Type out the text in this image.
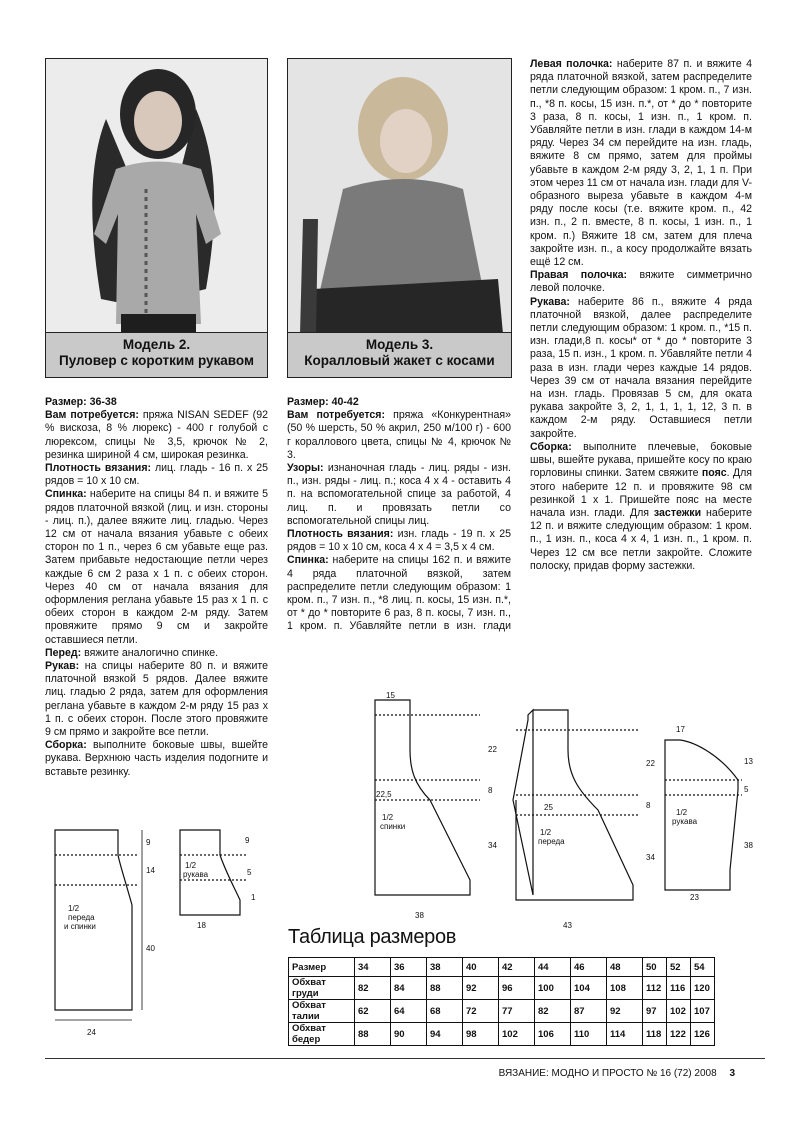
Модель 2.
Пуловер с коротким рукавом
Модель 3.
Коралловый жакет с косами

Размер: 36-38

Вам потребуется: пряжа NISAN SEDEF (92 % вискоза, 8 % люрекс) - 400 г голубой с люрексом, спицы № 3,5, крючок № 2, резинка шириной 4 см, широкая резинка.

Плотность вязания: лиц. гладь - 16 п. х 25 рядов = 10 х 10 см.

Спинка: наберите на спицы 84 п. и вяжите 5 рядов платочной вязкой (лиц. и изн. стороны - лиц. п.), далее вяжите лиц. гладью. Через 12 см от начала вязания убавьте с обеих сторон по 1 п., через 6 см убавьте еще раз. Затем прибавьте недостающие петли через каждые 6 см 2 раза х 1 п. с обеих сторон. Через 40 см от начала вязания для оформления реглана убавьте 15 раз х 1 п. с обеих сторон в каждом 2-м ряду. Затем провяжите прямо 9 см и закройте оставшиеся петли.

Перед: вяжите аналогично спинке.

Рукав: на спицы наберите 80 п. и вяжите платочной вязкой 5 рядов. Далее вяжите лиц. гладью 2 ряда, затем для оформления реглана убавьте в каждом 2-м ряду 15 раз х 1 п. с обеих сторон. После этого провяжите 9 см прямо и закройте все петли.

Сборка: выполните боковые швы, вшейте рукава. Верхнюю часть изделия подогните и вставьте резинку.

Размер: 40-42

Вам потребуется: пряжа «Конкурентная» (50 % шерсть, 50 % акрил, 250 м/100 г) - 600 г кораллового цвета, спицы № 4, крючок № 3.

Узоры: изнаночная гладь - лиц. ряды - изн. п., изн. ряды - лиц. п.; коса 4 х 4 - оставить 4 п. на вспомогательной спице за работой, 4 лиц. п. и провязать петли со вспомогательной спицы лиц.

Плотность вязания: изн. гладь - 19 п. х 25 рядов = 10 х 10 см, коса 4 х 4 = 3,5 х 4 см.

Спинка: наберите на спицы 162 п. и вяжите 4 ряда платочной вязкой, затем распределите петли следующим образом: 1 кром. п., 7 изн. п., *8 лиц. п. косы, 15 изн. п.*, от * до * повторите 6 раз, 8 п. косы, 7 изн. п., 1 кром. п. Убавляйте петли в изн. глади

Левая полочка: наберите 87 п. и вяжите 4 ряда платочной вязкой, затем распределите петли следующим образом: 1 кром. п., 7 изн. п., *8 п. косы, 15 изн. п.*, от * до * повторите 3 раза, 8 п. косы, 1 изн. п., 1 кром. п. Убавляйте петли в изн. глади в каждом 14-м ряду. Через 34 см перейдите на изн. гладь, вяжите 8 см прямо, затем для проймы убавьте в каждом 2-м ряду 3, 2, 1, 1 п. При этом через 11 см от начала изн. глади для V-образного выреза убавьте в каждом 4-м ряду после косы (т.е. вяжите кром. п., 42 изн. п., 2 п. вместе, 8 п. косы, 1 изн. п., 1 кром. п.) Вяжите 18 см, затем для плеча закройте изн. п., а косу продолжайте вязать ещё 12 см.

Правая полочка: вяжите симметрично левой полочке.

Рукава: наберите 86 п., вяжите 4 ряда платочной вязкой, далее распределите петли следующим образом: 1 кром. п., *15 п. изн. глади,8 п. косы* от * до * повторите 3 раза, 15 п. изн., 1 кром. п. Убавляйте петли 4 раза в изн. глади через каждые 14 рядов. Через 39 см от начала вязания перейдите на изн. гладь. Провязав 5 см, для оката рукава закройте 3, 2, 1, 1, 1, 1, 12, 3 п. в каждом 2-м ряду. Оставшиеся петли закройте.

Сборка: выполните плечевые, боковые швы, вшейте рукава, пришейте косу по краю горловины спинки. Затем свяжите пояс. Для этого наберите 12 п. и провяжите 98 см резинкой 1 х 1. Пришейте пояс на месте начала изн. глади. Для застежки наберите 12 п. и вяжите следующим образом: 1 кром. п., 1 изн. п., коса 4 х 4, 1 изн. п., 1 кром. п. Через 12 см все петли закройте. Сложите полоску, придав форму застежки.

9
14
40
24
1/2
переда
и спинки
9
5
1
18
1/2
рукава
15
22
8
22,5
34
38
1/2
спинки
22
8
25
34
43
1/2
переда
17
13
5
38
23
1/2
рукава
Таблица размеров
Размер	34	36	38	40	42	44	46	48	50	52	54
Обхват груди	82	84	88	92	96	100	104	108	112	116	120
Обхват талии	62	64	68	72	77	82	87	92	97	102	107
Обхват бедер	88	90	94	98	102	106	110	114	118	122	126
ВЯЗАНИЕ: МОДНО И ПРОСТО № 16 (72) 2008 3
